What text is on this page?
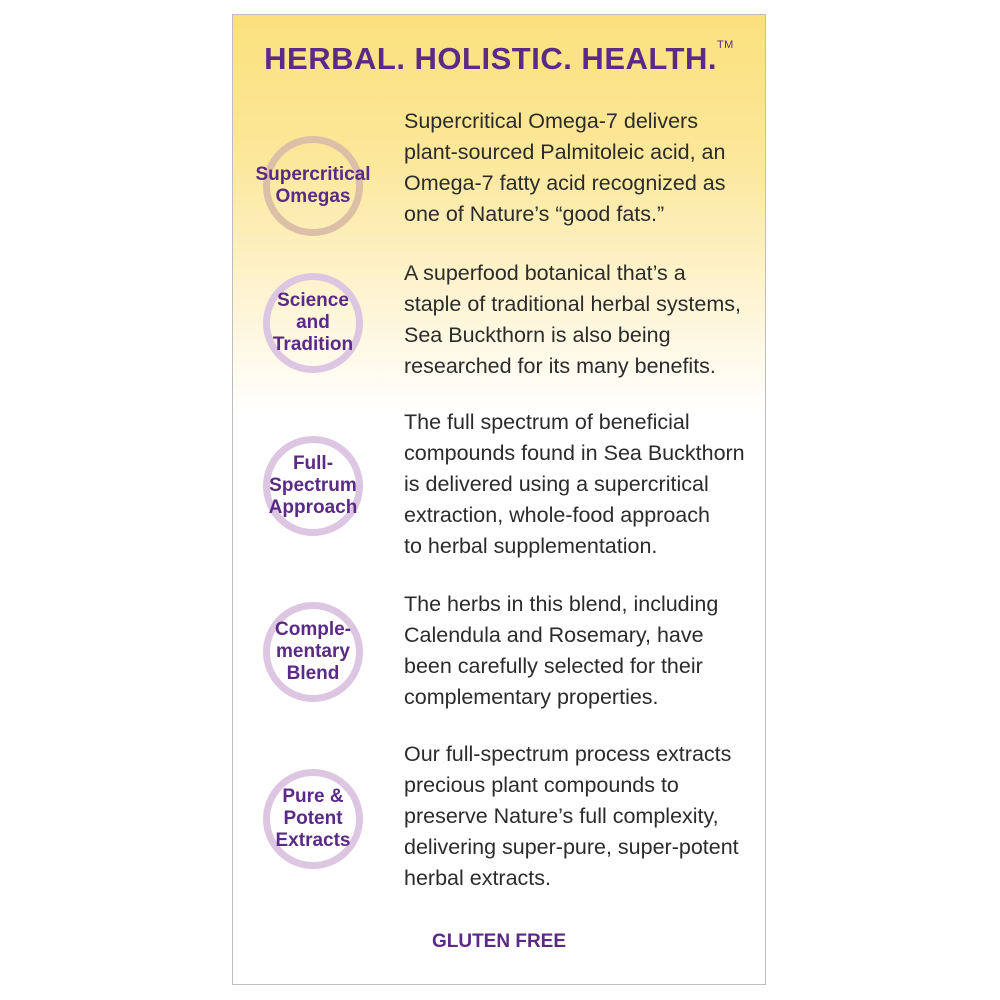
HERBAL. HOLISTIC. HEALTH.™
Supercritical
Omegas
Supercritical Omega-7 delivers
plant-sourced Palmitoleic acid, an
Omega-7 fatty acid recognized as
one of Nature’s “good fats.”
Science
and
Tradition
A superfood botanical that’s a
staple of traditional herbal systems,
Sea Buckthorn is also being
researched for its many benefits.
Full-
Spectrum
Approach
The full spectrum of beneficial
compounds found in Sea Buckthorn
is delivered using a supercritical
extraction, whole-food approach
to herbal supplementation.
Comple-
mentary
Blend
The herbs in this blend, including
Calendula and Rosemary, have
been carefully selected for their
complementary properties.
Pure &
Potent
Extracts
Our full-spectrum process extracts
precious plant compounds to
preserve Nature’s full complexity,
delivering super-pure, super-potent
herbal extracts.
GLUTEN FREE
